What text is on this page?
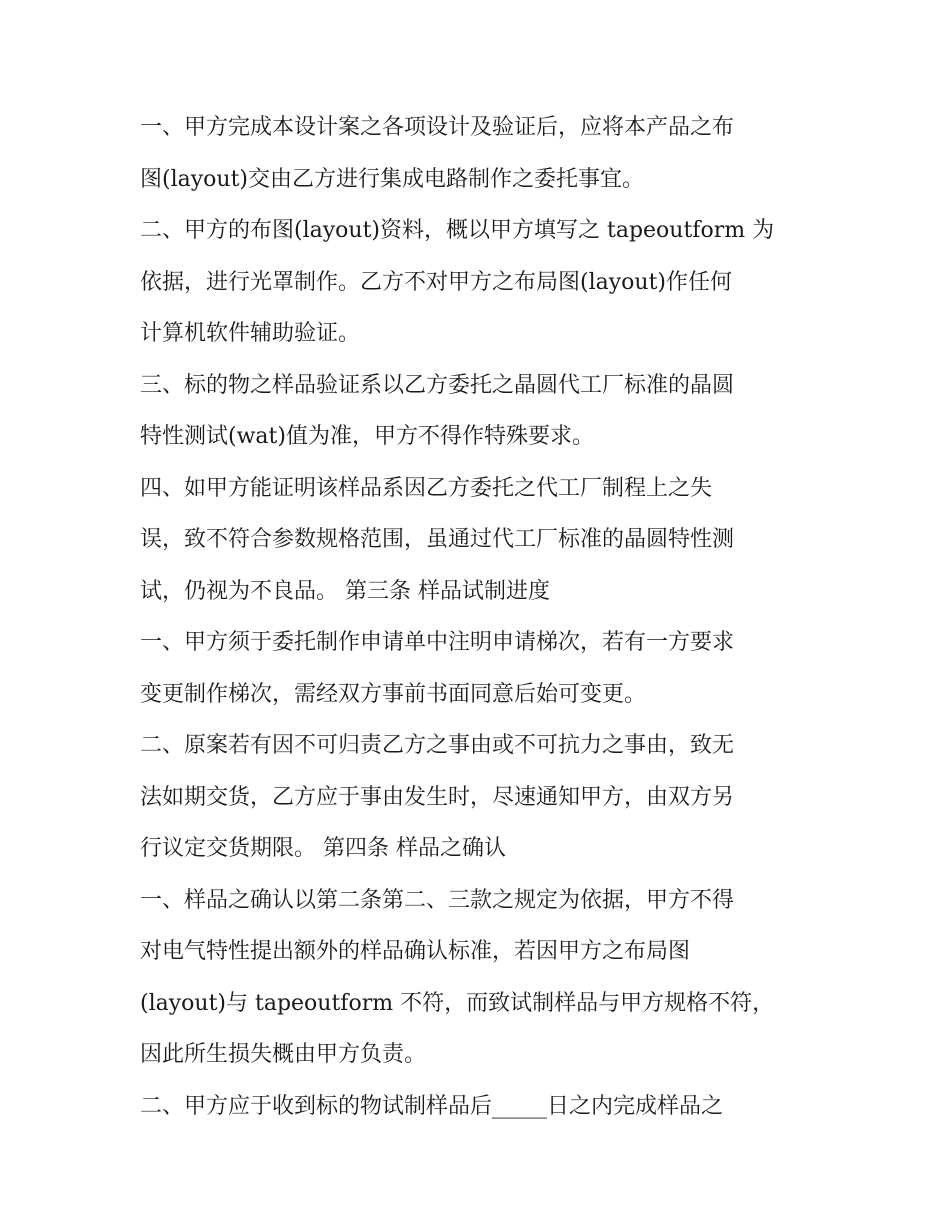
一、甲方完成本设计案之各项设计及验证后，应将本产品之布
图(layout)交由乙方进行集成电路制作之委托事宜。

二、甲方的布图(layout)资料，概以甲方填写之 tapeoutform 为
依据，进行光罩制作。乙方不对甲方之布局图(layout)作任何
计算机软件辅助验证。

三、标的物之样品验证系以乙方委托之晶圆代工厂标准的晶圆
特性测试(wat)值为准，甲方不得作特殊要求。

四、如甲方能证明该样品系因乙方委托之代工厂制程上之失
误，致不符合参数规格范围，虽通过代工厂标准的晶圆特性测
试，仍视为不良品。 第三条 样品试制进度

一、甲方须于委托制作申请单中注明申请梯次，若有一方要求
变更制作梯次，需经双方事前书面同意后始可变更。

二、原案若有因不可归责乙方之事由或不可抗力之事由，致无
法如期交货，乙方应于事由发生时，尽速通知甲方，由双方另
行议定交货期限。 第四条 样品之确认

一、样品之确认以第二条第二、三款之规定为依据，甲方不得
对电气特性提出额外的样品确认标准，若因甲方之布局图
(layout)与 tapeoutform 不符，而致试制样品与甲方规格不符，
因此所生损失概由甲方负责。

二、甲方应于收到标的物试制样品后_____日之内完成样品之
